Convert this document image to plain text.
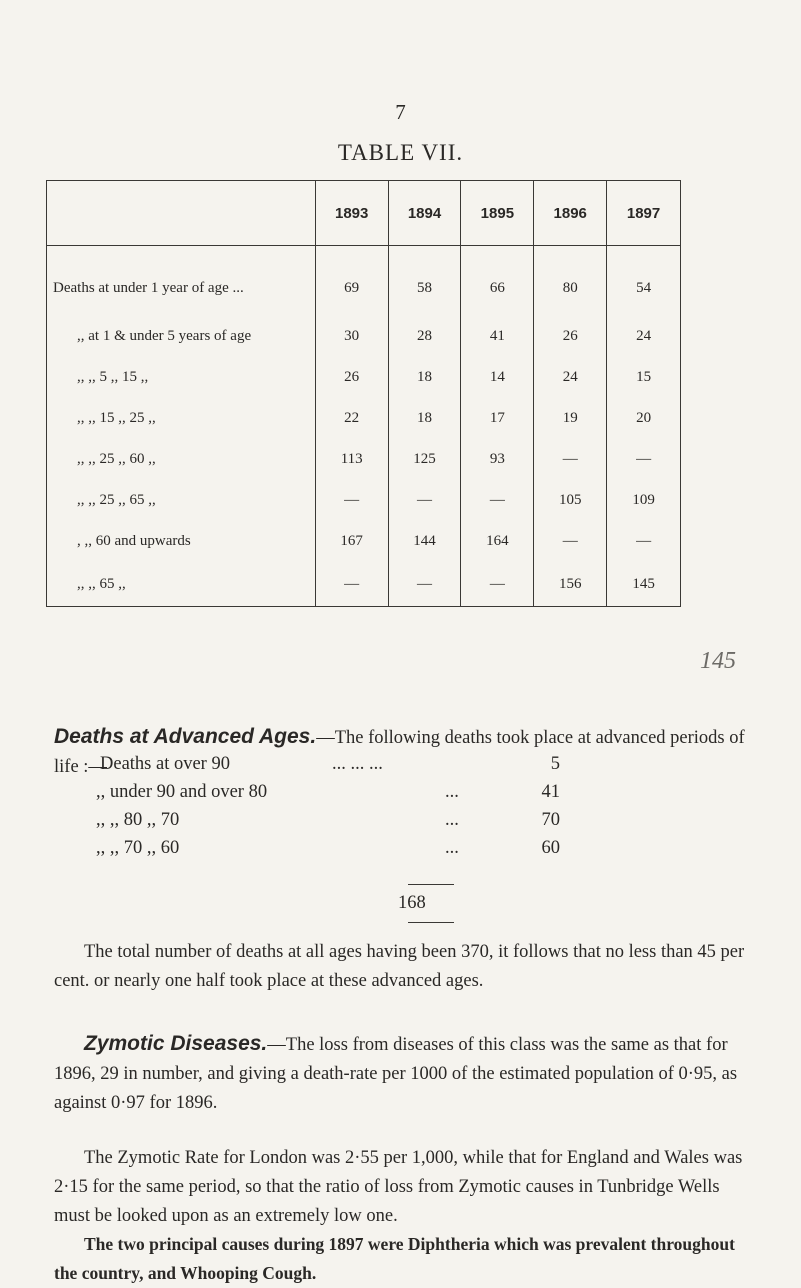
7
TABLE VII.
	1893	1894	1895	1896	1897
Deaths at under 1 year of age ...	69	58	66	80	54
,, at 1 & under 5 years of age	30	28	41	26	24
,, ,, 5 ,, 15 ,,	26	18	14	24	15
,, ,, 15 ,, 25 ,,	22	18	17	19	20
,, ,, 25 ,, 60 ,,	113	125	93	—	—
,, ,, 25 ,, 65 ,,	—	—	—	105	109
, ,, 60 and upwards	167	144	164	—	—
,, ,, 65 ,,	—	—	—	156	145
145
Deaths at Advanced Ages.—The following deaths took place at advanced periods of life :—
Deaths at over 90	... ... ...	5
,, under 90 and over 80	...	41
,, ,, 80 ,, 70	...	70
,, ,, 70 ,, 60	...	60
168
The total number of deaths at all ages having been 370, it follows that no less than 45 per cent. or nearly one half took place at these advanced ages.
Zymotic Diseases.—The loss from diseases of this class was the same as that for 1896, 29 in number, and giving a death-rate per 1000 of the estimated population of 0·95, as against 0·97 for 1896.
The Zymotic Rate for London was 2·55 per 1,000, while that for England and Wales was 2·15 for the same period, so that the ratio of loss from Zymotic causes in Tunbridge Wells must be looked upon as an extremely low one.
The two principal causes during 1897 were Diphtheria which was prevalent throughout the country, and Whooping Cough.
